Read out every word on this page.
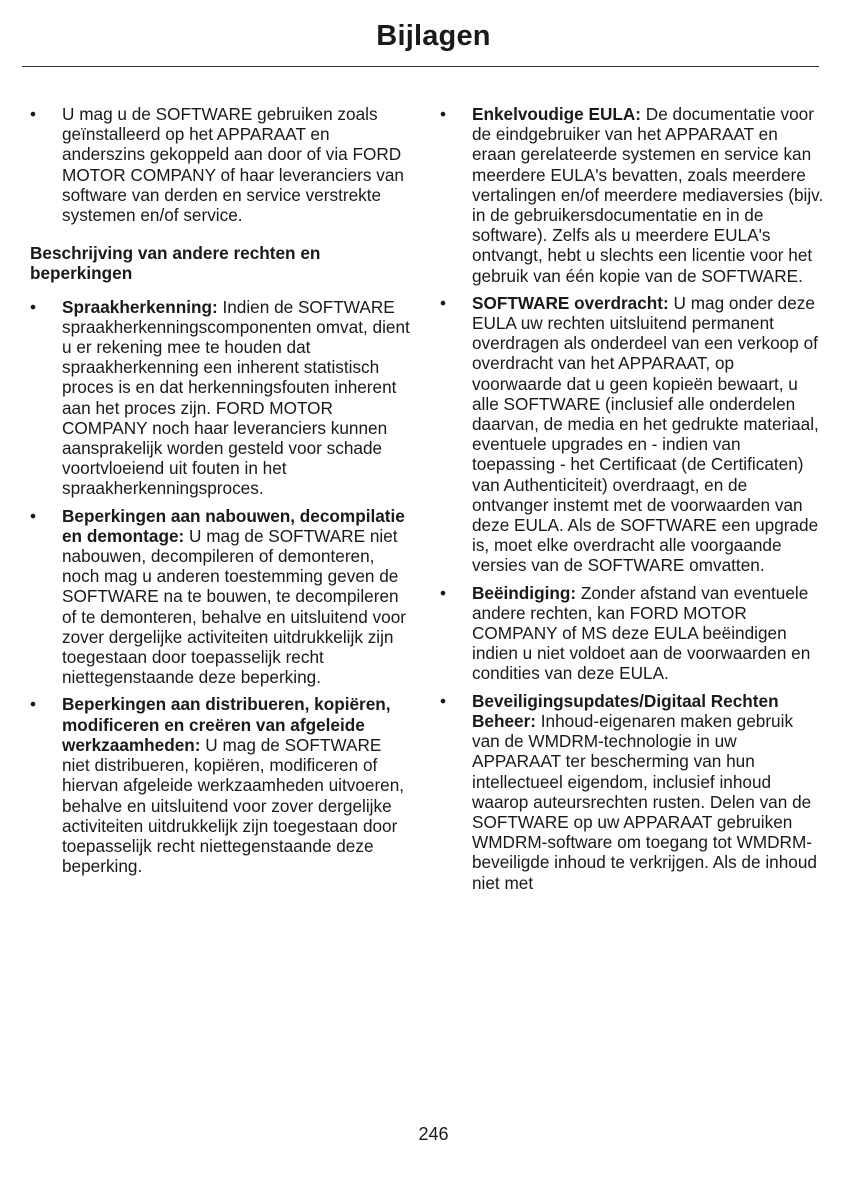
Bijlagen
• U mag u de SOFTWARE gebruiken zoals geïnstalleerd op het APPARAAT en anderszins gekoppeld aan door of via FORD MOTOR COMPANY of haar leveranciers van software van derden en service verstrekte systemen en/of service.
Beschrijving van andere rechten en beperkingen
• Spraakherkenning: Indien de SOFTWARE spraakherkenningscomponenten omvat, dient u er rekening mee te houden dat spraakherkenning een inherent statistisch proces is en dat herkenningsfouten inherent aan het proces zijn. FORD MOTOR COMPANY noch haar leveranciers kunnen aansprakelijk worden gesteld voor schade voortvloeiend uit fouten in het spraakherkenningsproces.
• Beperkingen aan nabouwen, decompilatie en demontage: U mag de SOFTWARE niet nabouwen, decompileren of demonteren, noch mag u anderen toestemming geven de SOFTWARE na te bouwen, te decompileren of te demonteren, behalve en uitsluitend voor zover dergelijke activiteiten uitdrukkelijk zijn toegestaan door toepasselijk recht niettegenstaande deze beperking.
• Beperkingen aan distribueren, kopiëren, modificeren en creëren van afgeleide werkzaamheden: U mag de SOFTWARE niet distribueren, kopiëren, modificeren of hiervan afgeleide werkzaamheden uitvoeren, behalve en uitsluitend voor zover dergelijke activiteiten uitdrukkelijk zijn toegestaan door toepasselijk recht niettegenstaande deze beperking.
• Enkelvoudige EULA: De documentatie voor de eindgebruiker van het APPARAAT en eraan gerelateerde systemen en service kan meerdere EULA's bevatten, zoals meerdere vertalingen en/of meerdere mediaversies (bijv. in de gebruikersdocumentatie en in de software). Zelfs als u meerdere EULA's ontvangt, hebt u slechts een licentie voor het gebruik van één kopie van de SOFTWARE.
• SOFTWARE overdracht: U mag onder deze EULA uw rechten uitsluitend permanent overdragen als onderdeel van een verkoop of overdracht van het APPARAAT, op voorwaarde dat u geen kopieën bewaart, u alle SOFTWARE (inclusief alle onderdelen daarvan, de media en het gedrukte materiaal, eventuele upgrades en - indien van toepassing - het Certificaat (de Certificaten) van Authenticiteit) overdraagt, en de ontvanger instemt met de voorwaarden van deze EULA. Als de SOFTWARE een upgrade is, moet elke overdracht alle voorgaande versies van de SOFTWARE omvatten.
• Beëindiging: Zonder afstand van eventuele andere rechten, kan FORD MOTOR COMPANY of MS deze EULA beëindigen indien u niet voldoet aan de voorwaarden en condities van deze EULA.
• Beveiligingsupdates/Digitaal Rechten Beheer: Inhoud-eigenaren maken gebruik van de WMDRM-technologie in uw APPARAAT ter bescherming van hun intellectueel eigendom, inclusief inhoud waarop auteursrechten rusten. Delen van de SOFTWARE op uw APPARAAT gebruiken WMDRM-software om toegang tot WMDRM-beveiligde inhoud te verkrijgen. Als de inhoud niet met
246
